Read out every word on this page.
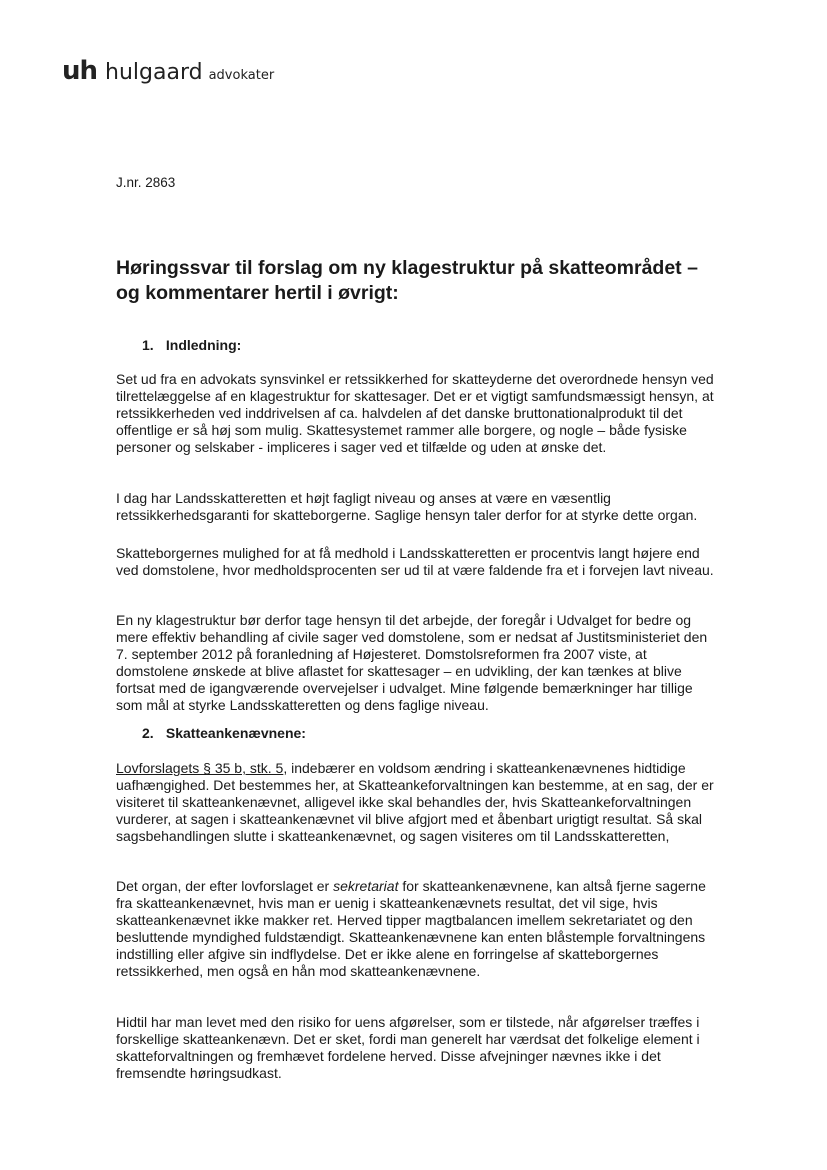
uh hulgaard advokater
J.nr. 2863
Høringssvar til forslag om ny klagestruktur på skatteområdet – og kommentarer hertil i øvrigt:
1. Indledning:

Set ud fra en advokats synsvinkel er retssikkerhed for skatteyderne det overordnede hensyn ved tilrettelæggelse af en klagestruktur for skattesager. Det er et vigtigt samfundsmæssigt hensyn, at retssikkerheden ved inddrivelsen af ca. halvdelen af det danske bruttonationalprodukt til det offentlige er så høj som mulig. Skattesystemet rammer alle borgere, og nogle – både fysiske personer og selskaber - impliceres i sager ved et tilfælde og uden at ønske det.

I dag har Landsskatteretten et højt fagligt niveau og anses at være en væsentlig retssikkerhedsgaranti for skatteborgerne. Saglige hensyn taler derfor for at styrke dette organ.

Skatteborgernes mulighed for at få medhold i Landsskatteretten er procentvis langt højere end ved domstolene, hvor medholdsprocenten ser ud til at være faldende fra et i forvejen lavt niveau.

En ny klagestruktur bør derfor tage hensyn til det arbejde, der foregår i Udvalget for bedre og mere effektiv behandling af civile sager ved domstolene, som er nedsat af Justitsministeriet den 7. september 2012 på foranledning af Højesteret. Domstolsreformen fra 2007 viste, at domstolene ønskede at blive aflastet for skattesager – en udvikling, der kan tænkes at blive fortsat med de igangværende overvejelser i udvalget. Mine følgende bemærkninger har tillige som mål at styrke Landsskatteretten og dens faglige niveau.

2. Skatteankenævnene:

Lovforslagets § 35 b, stk. 5, indebærer en voldsom ændring i skatteankenævnenes hidtidige uafhængighed. Det bestemmes her, at Skatteankeforvaltningen kan bestemme, at en sag, der er visiteret til skatteankenævnet, alligevel ikke skal behandles der, hvis Skatteankeforvaltningen vurderer, at sagen i skatteankenævnet vil blive afgjort med et åbenbart urigtigt resultat. Så skal sagsbehandlingen slutte i skatteankenævnet, og sagen visiteres om til Landsskatteretten,

Det organ, der efter lovforslaget er sekretariat for skatteankenævnene, kan altså fjerne sagerne fra skatteankenævnet, hvis man er uenig i skatteankenævnets resultat, det vil sige, hvis skatteankenævnet ikke makker ret. Herved tipper magtbalancen imellem sekretariatet og den besluttende myndighed fuldstændigt. Skatteankenævnene kan enten blåstemple forvaltningens indstilling eller afgive sin indflydelse. Det er ikke alene en forringelse af skatteborgernes retssikkerhed, men også en hån mod skatteankenævnene.

Hidtil har man levet med den risiko for uens afgørelser, som er tilstede, når afgørelser træffes i forskellige skatteankenævn. Det er sket, fordi man generelt har værdsat det folkelige element i skatteforvaltningen og fremhævet fordelene herved. Disse afvejninger nævnes ikke i det fremsendte høringsudkast.
